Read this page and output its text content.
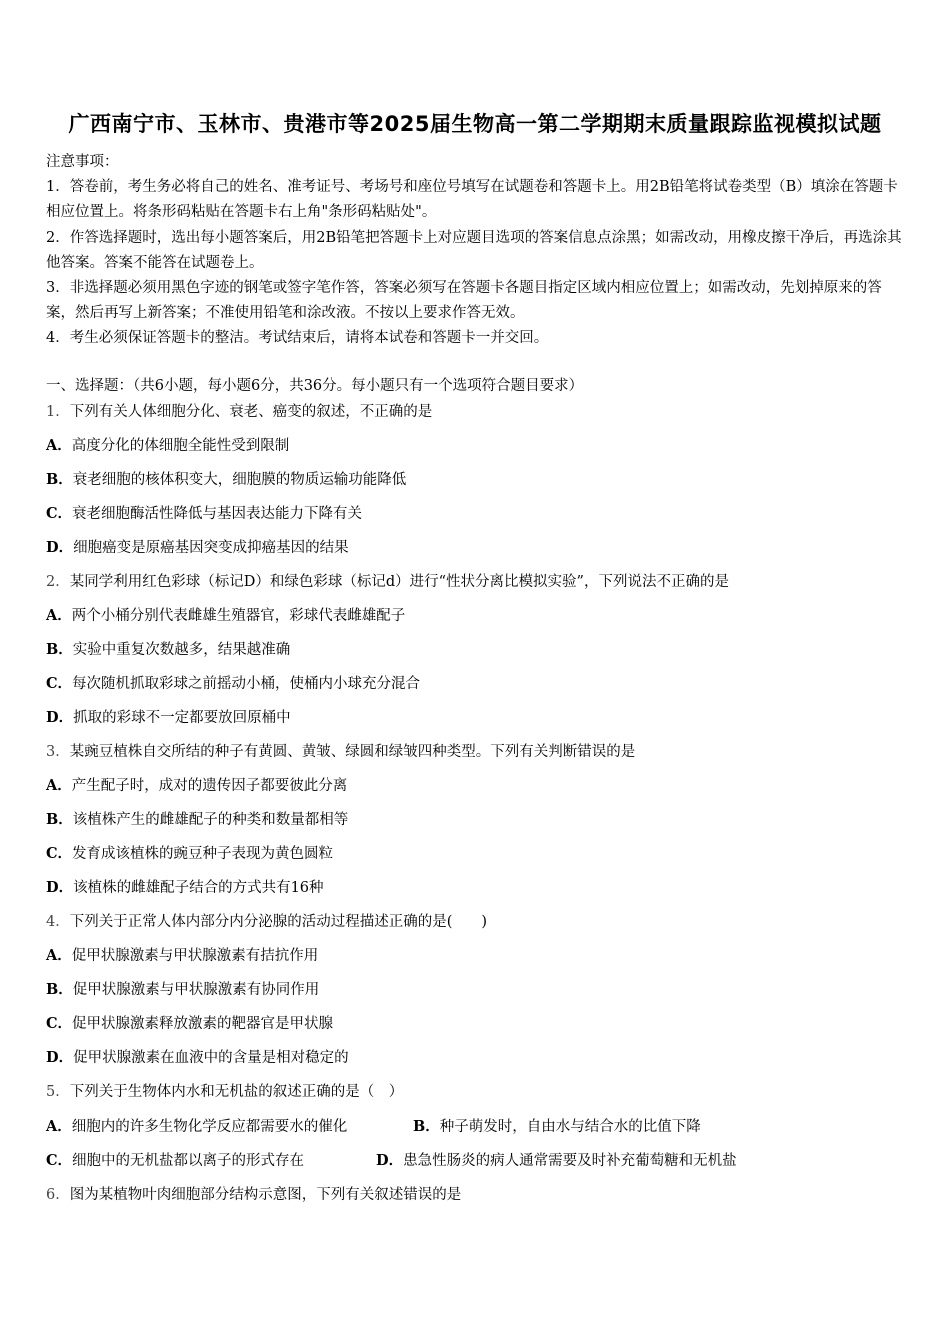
广西南宁市、玉林市、贵港市等2025届生物高一第二学期期末质量跟踪监视模拟试题

注意事项：

1．答卷前，考生务必将自己的姓名、准考证号、考场号和座位号填写在试题卷和答题卡上。用2B铅笔将试卷类型（B）填涂在答题卡相应位置上。将条形码粘贴在答题卡右上角"条形码粘贴处"。

2．作答选择题时，选出每小题答案后，用2B铅笔把答题卡上对应题目选项的答案信息点涂黑；如需改动，用橡皮擦干净后，再选涂其他答案。答案不能答在试题卷上。

3．非选择题必须用黑色字迹的钢笔或签字笔作答，答案必须写在答题卡各题目指定区域内相应位置上；如需改动，先划掉原来的答案，然后再写上新答案；不准使用铅笔和涂改液。不按以上要求作答无效。

4．考生必须保证答题卡的整洁。考试结束后，请将本试卷和答题卡一并交回。

一、选择题：（共6小题，每小题6分，共36分。每小题只有一个选项符合题目要求）
1．下列有关人体细胞分化、衰老、癌变的叙述，不正确的是
A．高度分化的体细胞全能性受到限制
B．衰老细胞的核体积变大，细胞膜的物质运输功能降低
C．衰老细胞酶活性降低与基因表达能力下降有关
D．细胞癌变是原癌基因突变成抑癌基因的结果
2．某同学利用红色彩球（标记D）和绿色彩球（标记d）进行“性状分离比模拟实验”，下列说法不正确的是
A．两个小桶分别代表雌雄生殖器官，彩球代表雌雄配子
B．实验中重复次数越多，结果越准确
C．每次随机抓取彩球之前摇动小桶，使桶内小球充分混合
D．抓取的彩球不一定都要放回原桶中
3．某豌豆植株自交所结的种子有黄圆、黄皱、绿圆和绿皱四种类型。下列有关判断错误的是
A．产生配子时，成对的遗传因子都要彼此分离
B．该植株产生的雌雄配子的种类和数量都相等
C．发育成该植株的豌豆种子表现为黄色圆粒
D．该植株的雌雄配子结合的方式共有16种
4．下列关于正常人体内部分内分泌腺的活动过程描述正确的是(　　)
A．促甲状腺激素与甲状腺激素有拮抗作用
B．促甲状腺激素与甲状腺激素有协同作用
C．促甲状腺激素释放激素的靶器官是甲状腺
D．促甲状腺激素在血液中的含量是相对稳定的
5．下列关于生物体内水和无机盐的叙述正确的是（　）
A．细胞内的许多生物化学反应都需要水的催化	B．种子萌发时，自由水与结合水的比值下降
C．细胞中的无机盐都以离子的形式存在	D．患急性肠炎的病人通常需要及时补充葡萄糖和无机盐
6．图为某植物叶肉细胞部分结构示意图，下列有关叙述错误的是
